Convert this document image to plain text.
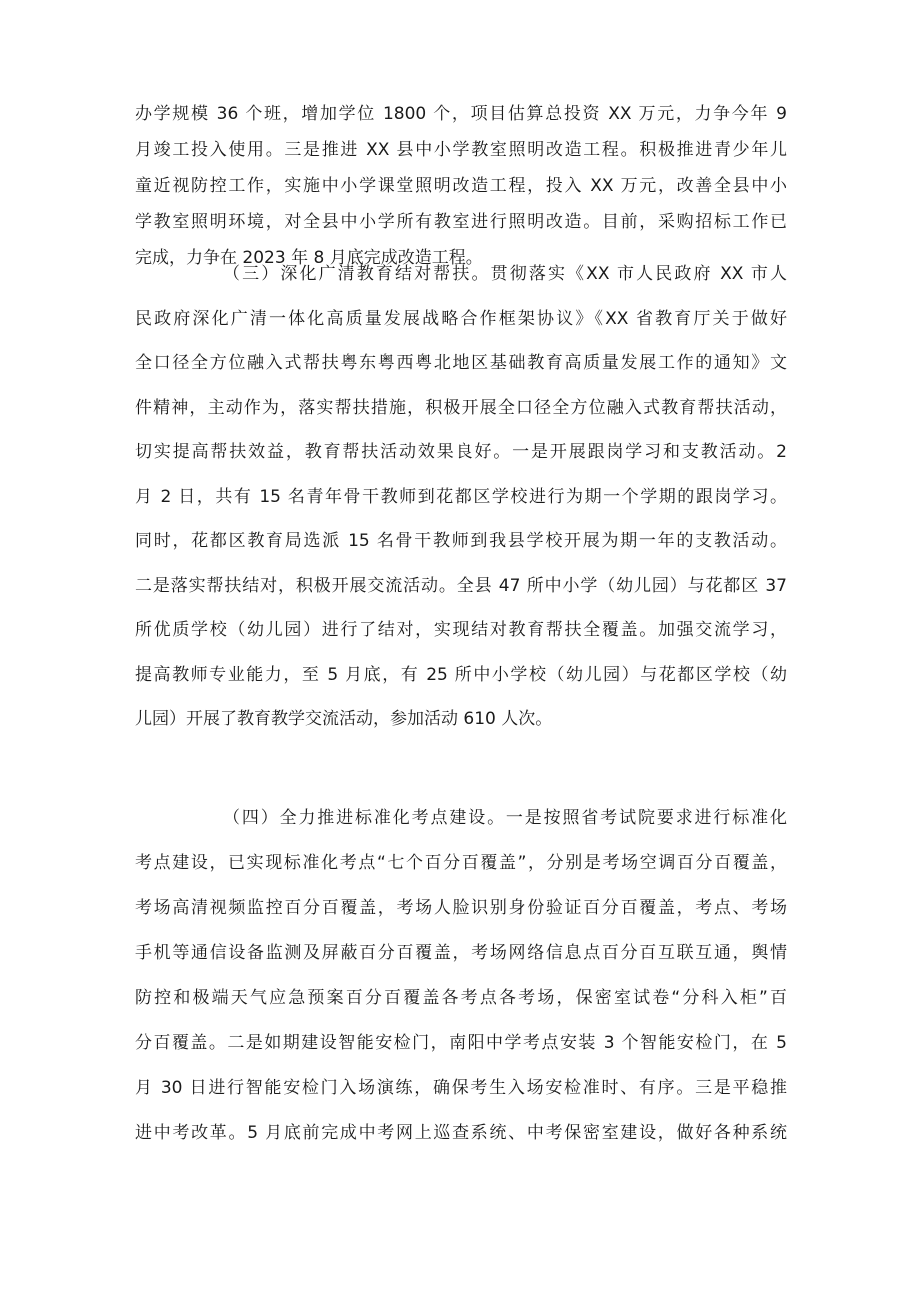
办学规模 36 个班，增加学位 1800 个，项目估算总投资 XX 万元，力争今年 9
月竣工投入使用。三是推进 XX 县中小学教室照明改造工程。积极推进青少年儿
童近视防控工作，实施中小学课堂照明改造工程，投入 XX 万元，改善全县中小
学教室照明环境，对全县中小学所有教室进行照明改造。目前，采购招标工作已
完成，力争在 2023 年 8 月底完成改造工程。

（三）深化广清教育结对帮扶。贯彻落实《XX 市人民政府 XX 市人
民政府深化广清一体化高质量发展战略合作框架协议》《XX 省教育厅关于做好
全口径全方位融入式帮扶粤东粤西粤北地区基础教育高质量发展工作的通知》文
件精神，主动作为，落实帮扶措施，积极开展全口径全方位融入式教育帮扶活动，
切实提高帮扶效益，教育帮扶活动效果良好。一是开展跟岗学习和支教活动。2
月 2 日，共有 15 名青年骨干教师到花都区学校进行为期一个学期的跟岗学习。
同时，花都区教育局选派 15 名骨干教师到我县学校开展为期一年的支教活动。
二是落实帮扶结对，积极开展交流活动。全县 47 所中小学（幼儿园）与花都区 37
所优质学校（幼儿园）进行了结对，实现结对教育帮扶全覆盖。加强交流学习，
提高教师专业能力，至 5 月底，有 25 所中小学校（幼儿园）与花都区学校（幼
儿园）开展了教育教学交流活动，参加活动 610 人次。

（四）全力推进标准化考点建设。一是按照省考试院要求进行标准化
考点建设，已实现标准化考点“七个百分百覆盖”，分别是考场空调百分百覆盖，
考场高清视频监控百分百覆盖，考场人脸识别身份验证百分百覆盖，考点、考场
手机等通信设备监测及屏蔽百分百覆盖，考场网络信息点百分百互联互通，舆情
防控和极端天气应急预案百分百覆盖各考点各考场，保密室试卷“分科入柜”百
分百覆盖。二是如期建设智能安检门，南阳中学考点安装 3 个智能安检门，在 5
月 30 日进行智能安检门入场演练，确保考生入场安检准时、有序。三是平稳推
进中考改革。5 月底前完成中考网上巡查系统、中考保密室建设，做好各种系统
